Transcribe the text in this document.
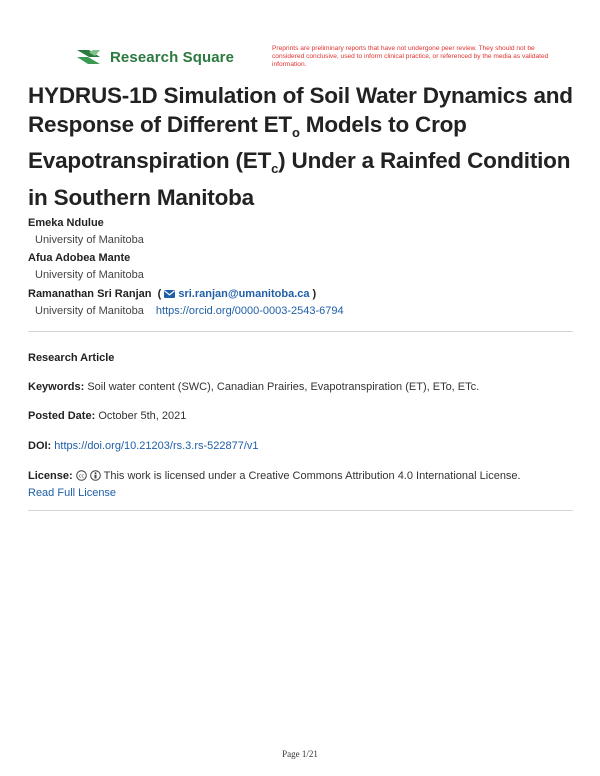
Research Square	Preprints are preliminary reports that have not undergone peer review. They should not be considered conclusive, used to inform clinical practice, or referenced by the media as validated information.
HYDRUS-1D Simulation of Soil Water Dynamics and
Response of Different $ET_o$ Models to Crop
Evapotranspiration $(ET_c)$ Under a Rainfed Condition
in Southern Manitoba
Emeka Ndulue
University of Manitoba
Afua Adobea Mante
University of Manitoba
Ramanathan Sri Ranjan  ( sri.ranjan@umanitoba.ca )
University of Manitoba https://orcid.org/0000-0003-2543-6794
Research Article
Keywords: Soil water content (SWC), Canadian Prairies, Evapotranspiration (ET), ETo, ETc.
Posted Date: October 5th, 2021
DOI: https://doi.org/10.21203/rs.3.rs-522877/v1
License: cc This work is licensed under a Creative Commons Attribution 4.0 International License.
Read Full License
Page 1/21
